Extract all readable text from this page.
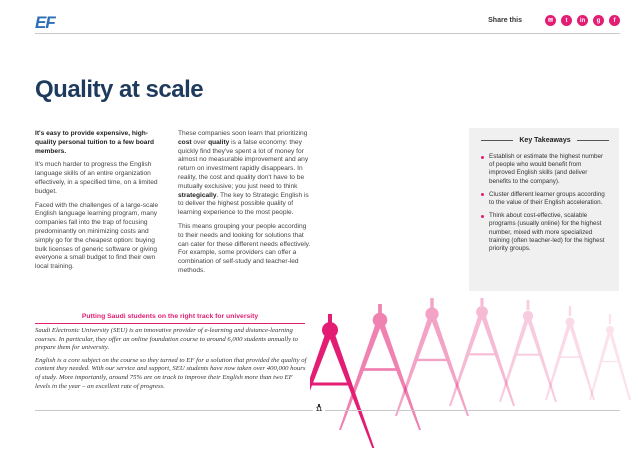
EF	Share this	✉	t	in	g	f
Quality at scale

It's easy to provide expensive, high-quality personal tuition to a few board members.

It's much harder to progress the English language skills of an entire organization effectively, in a specified time, on a limited budget.

Faced with the challenges of a large-scale English language learning program, many companies fall into the trap of focusing predominantly on minimizing costs and simply go for the cheapest option: buying bulk licenses of generic software or giving everyone a small budget to find their own local training.

These companies soon learn that prioritizing cost over quality is a false economy: they quickly find they've spent a lot of money for almost no measurable improvement and any return on investment rapidly disappears. In reality, the cost and quality don't have to be mutually exclusive; you just need to think strategically. The key to Strategic English is to deliver the highest possible quality of learning experience to the most people.

This means grouping your people according to their needs and looking for solutions that can cater for these different needs effectively. For example, some providers can offer a combination of self-study and teacher-led methods.

Key Takeaways
Establish or estimate the highest number of people who would benefit from improved English skills (and deliver benefits to the company).
Cluster different learner groups according to the value of their English acceleration.
Think about cost-effective, scalable programs (usually online) for the highest number, mixed with more specialized training (often teacher-led) for the highest priority groups.
Putting Saudi students on the right track for university

Saudi Electronic University (SEU) is an innovative provider of e-learning and distance-learning courses. In particular, they offer an online foundation course to around 6,000 students annually to prepare them for university.

English is a core subject on the course so they turned to EF for a solution that provided the quality of content they needed. With our service and support, SEU students have now taken over 400,000 hours of study. More importantly, around 75% are on track to improve their English more than two EF levels in the year – an excellent rate of progress.

11
